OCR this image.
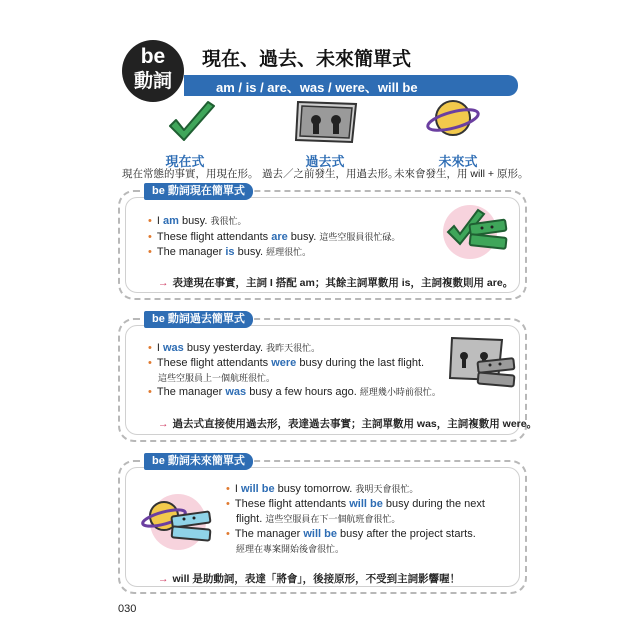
be
動詞
現在、過去、未來簡單式
am / is / are、was / were、will be
現在式
現在常態的事實，用現在形。
過去式
過去／之前發生，用過去形。
未來式
未來會發生，用 will + 原形。
be 動詞現在簡單式
• I am busy. 我很忙。
• These flight attendants are busy. 這些空服員很忙碌。
• The manager is busy. 經理很忙。
→ 表達現在事實，主詞 I 搭配 am；其餘主詞單數用 is，主詞複數則用 are。
be 動詞過去簡單式
• I was busy yesterday. 我昨天很忙。
• These flight attendants were busy during the last flight.
這些空服員上一個航班很忙。
• The manager was busy a few hours ago. 經理幾小時前很忙。
→ 過去式直接使用過去形，表達過去事實；主詞單數用 was，主詞複數用 were。
be 動詞未來簡單式
• I will be busy tomorrow. 我明天會很忙。
• These flight attendants will be busy during the next
flight. 這些空服員在下一個航班會很忙。
• The manager will be busy after the project starts.
經理在專案開始後會很忙。
→ will 是助動詞，表達「將會」，後接原形，不受到主詞影響喔！
030
